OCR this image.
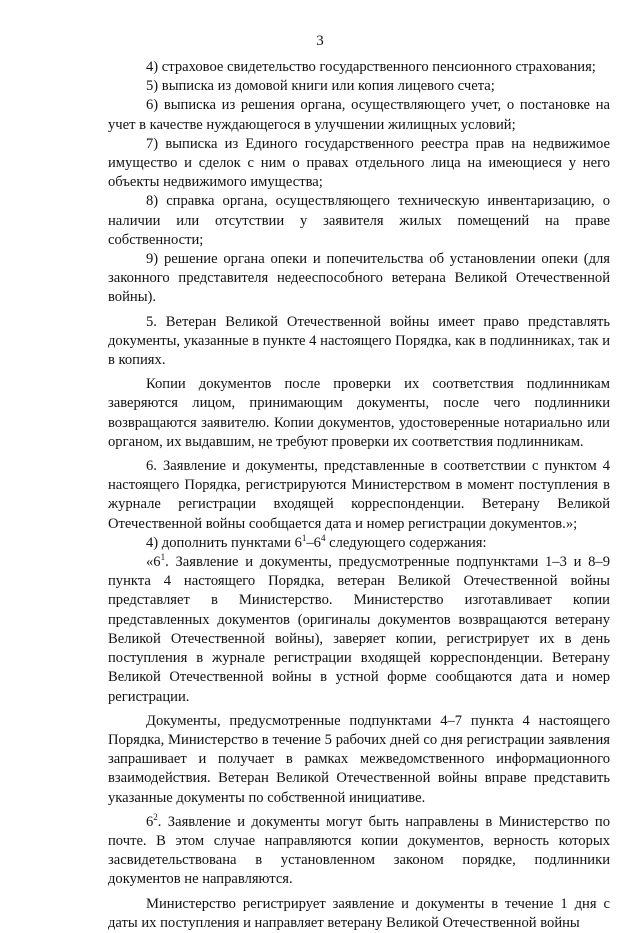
3

4) страховое свидетельство государственного пенсионного страхования;

5) выписка из домовой книги или копия лицевого счета;

6) выписка из решения органа, осуществляющего учет, о постановке на учет в качестве нуждающегося в улучшении жилищных условий;

7) выписка из Единого государственного реестра прав на недвижимое имущество и сделок с ним о правах отдельного лица на имеющиеся у него объекты недвижимого имущества;

8) справка органа, осуществляющего техническую инвентаризацию, о наличии или отсутствии у заявителя жилых помещений на праве собственности;

9) решение органа опеки и попечительства об установлении опеки (для законного представителя недееспособного ветерана Великой Отечественной войны).

5. Ветеран Великой Отечественной войны имеет право представлять документы, указанные в пункте 4 настоящего Порядка, как в подлинниках, так и в копиях.

Копии документов после проверки их соответствия подлинникам заверяются лицом, принимающим документы, после чего подлинники возвращаются заявителю. Копии документов, удостоверенные нотариально или органом, их выдавшим, не требуют проверки их соответствия подлинникам.

6. Заявление и документы, представленные в соответствии с пунктом 4 настоящего Порядка, регистрируются Министерством в момент поступления в журнале регистрации входящей корреспонденции. Ветерану Великой Отечественной войны сообщается дата и номер регистрации документов.»;

4) дополнить пунктами $6^1-6^4$ следующего содержания:

«$6^1$. Заявление и документы, предусмотренные подпунктами 1–3 и 8–9 пункта 4 настоящего Порядка, ветеран Великой Отечественной войны представляет в Министерство. Министерство изготавливает копии представленных документов (оригиналы документов возвращаются ветерану Великой Отечественной войны), заверяет копии, регистрирует их в день поступления в журнале регистрации входящей корреспонденции. Ветерану Великой Отечественной войны в устной форме сообщаются дата и номер регистрации.

Документы, предусмотренные подпунктами 4–7 пункта 4 настоящего Порядка, Министерство в течение 5 рабочих дней со дня регистрации заявления запрашивает и получает в рамках межведомственного информационного взаимодействия. Ветеран Великой Отечественной войны вправе представить указанные документы по собственной инициативе.

$6^2$. Заявление и документы могут быть направлены в Министерство по почте. В этом случае направляются копии документов, верность которых засвидетельствована в установленном законом порядке, подлинники документов не направляются.

Министерство регистрирует заявление и документы в течение 1 дня с даты их поступления и направляет ветерану Великой Отечественной войны
